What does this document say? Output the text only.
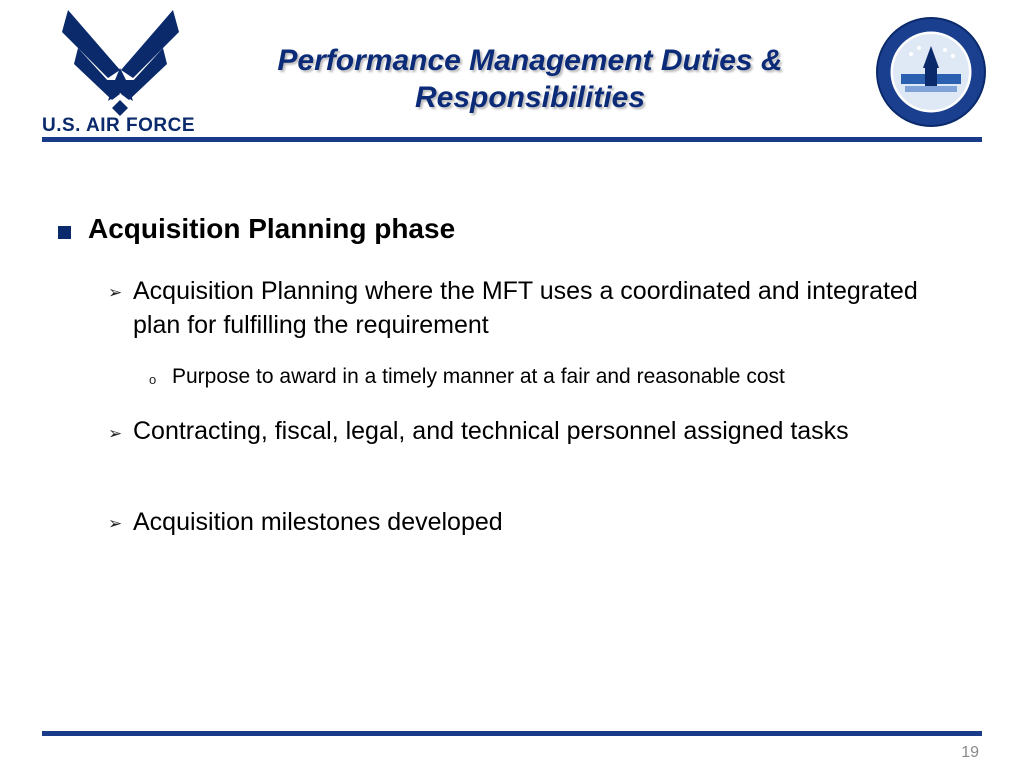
U.S. AIR FORCE
Performance Management Duties & Responsibilities
Acquisition Planning phase
➢ Acquisition Planning where the MFT uses a coordinated and integrated plan for fulfilling the requirement
o Purpose to award in a timely manner at a fair and reasonable cost
➢ Contracting, fiscal, legal, and technical personnel assigned tasks
➢ Acquisition milestones developed
19
